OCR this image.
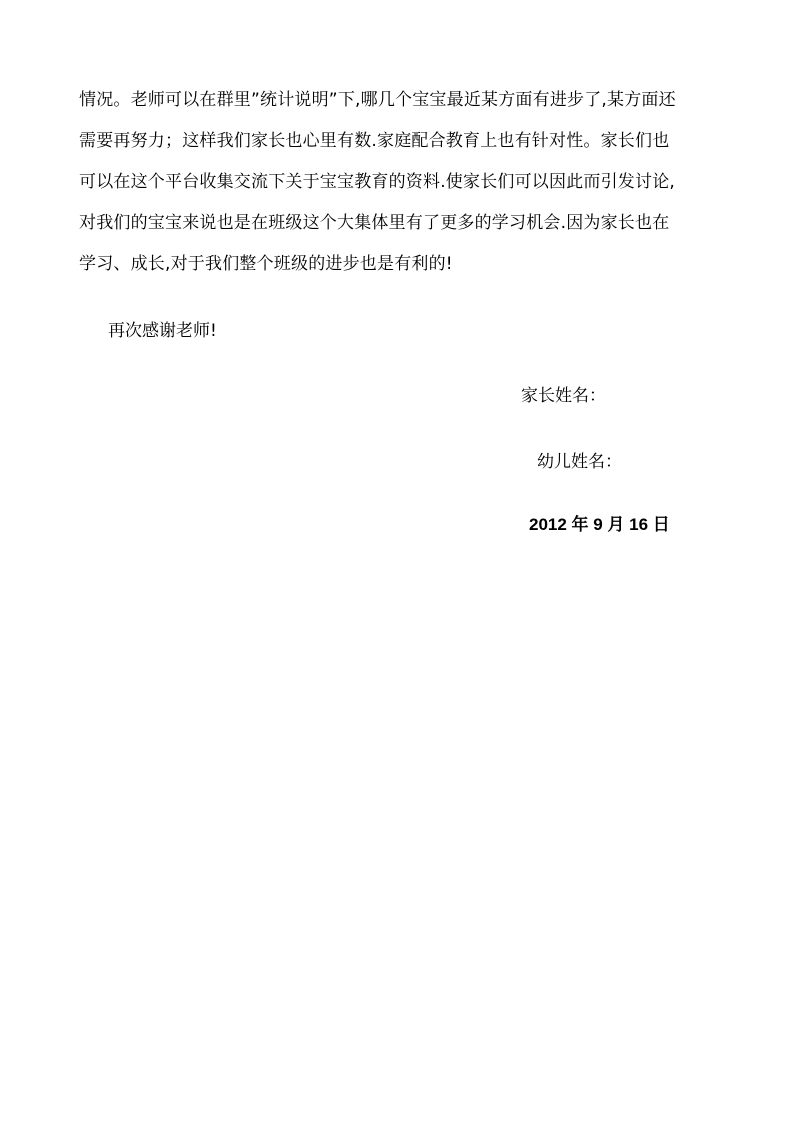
情况。老师可以在群里”统计说明”下,哪几个宝宝最近某方面有进步了,某方面还
需要再努力；这样我们家长也心里有数.家庭配合教育上也有针对性。家长们也
可以在这个平台收集交流下关于宝宝教育的资料.使家长们可以因此而引发讨论,
对我们的宝宝来说也是在班级这个大集体里有了更多的学习机会.因为家长也在
学习、成长,对于我们整个班级的进步也是有利的!
再次感谢老师!
家长姓名：
幼儿姓名：
2012 年 9 月 16 日
